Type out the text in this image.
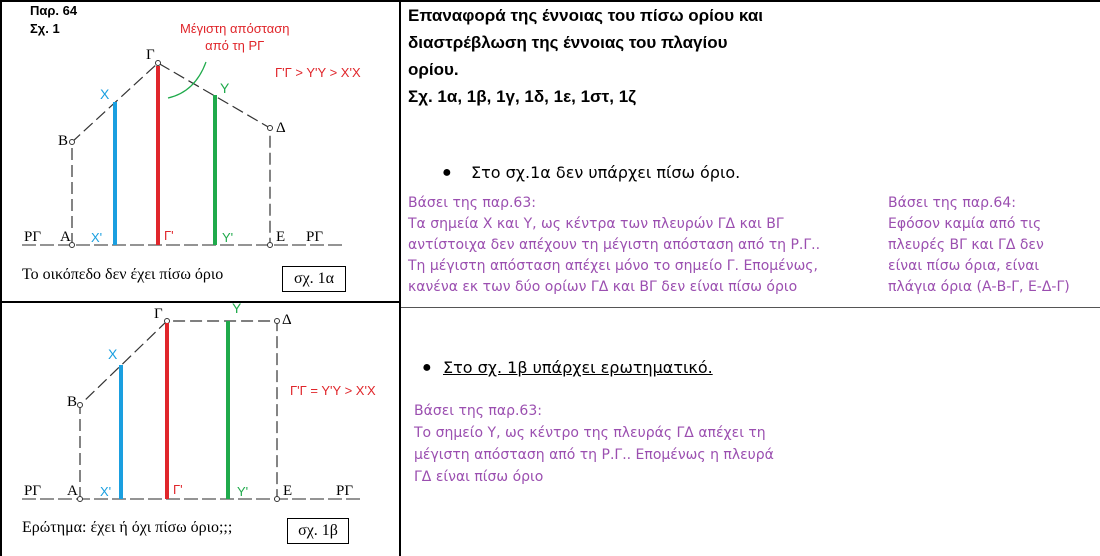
Παρ. 64
Σχ. 1	Μέγιστη απόσταση
από τη ΡΓ
Γ'Γ > Υ'Υ > Χ'Χ
Γ
Χ	Υ
Β
Δ
ΡΓ Α Χ'	Γ'	Υ'	Ε ΡΓ
Το οικόπεδο δεν έχει πίσω όριο	σχ. 1α
Επαναφορά της έννοιας του πίσω ορίου και
διαστρέβλωση της έννοιας του πλαγίου
ορίου.
Σχ. 1α, 1β, 1γ, 1δ, 1ε, 1στ, 1ζ
● Στο σχ.1α δεν υπάρχει πίσω όριο.
Βάσει της παρ.63:
Τα σημεία Χ και Υ, ως κέντρα των πλευρών ΓΔ και ΒΓ
αντίστοιχα δεν απέχουν τη μέγιστη απόσταση από τη Ρ.Γ..
Τη μέγιστη απόσταση απέχει μόνο το σημείο Γ. Επομένως,
κανένα εκ των δύο ορίων ΓΔ και ΒΓ δεν είναι πίσω όριο
Βάσει της παρ.64:
Εφόσον καμία από τις
πλευρές ΒΓ και ΓΔ δεν
είναι πίσω όρια, είναι
πλάγια όρια (Α-Β-Γ, Ε-Δ-Γ)
Γ	Υ
Δ
Χ
Γ'Γ = Υ'Υ > Χ'Χ
Β
ΡΓ Α Χ'	Γ'	Υ' Ε	ΡΓ
Ερώτημα: έχει ή όχι πίσω όριο;;;	σχ. 1β
● Στο σχ. 1β υπάρχει ερωτηματικό.
Βάσει της παρ.63:
Το σημείο Υ, ως κέντρο της πλευράς ΓΔ απέχει τη
μέγιστη απόσταση από τη Ρ.Γ.. Επομένως η πλευρά
ΓΔ είναι πίσω όριο
